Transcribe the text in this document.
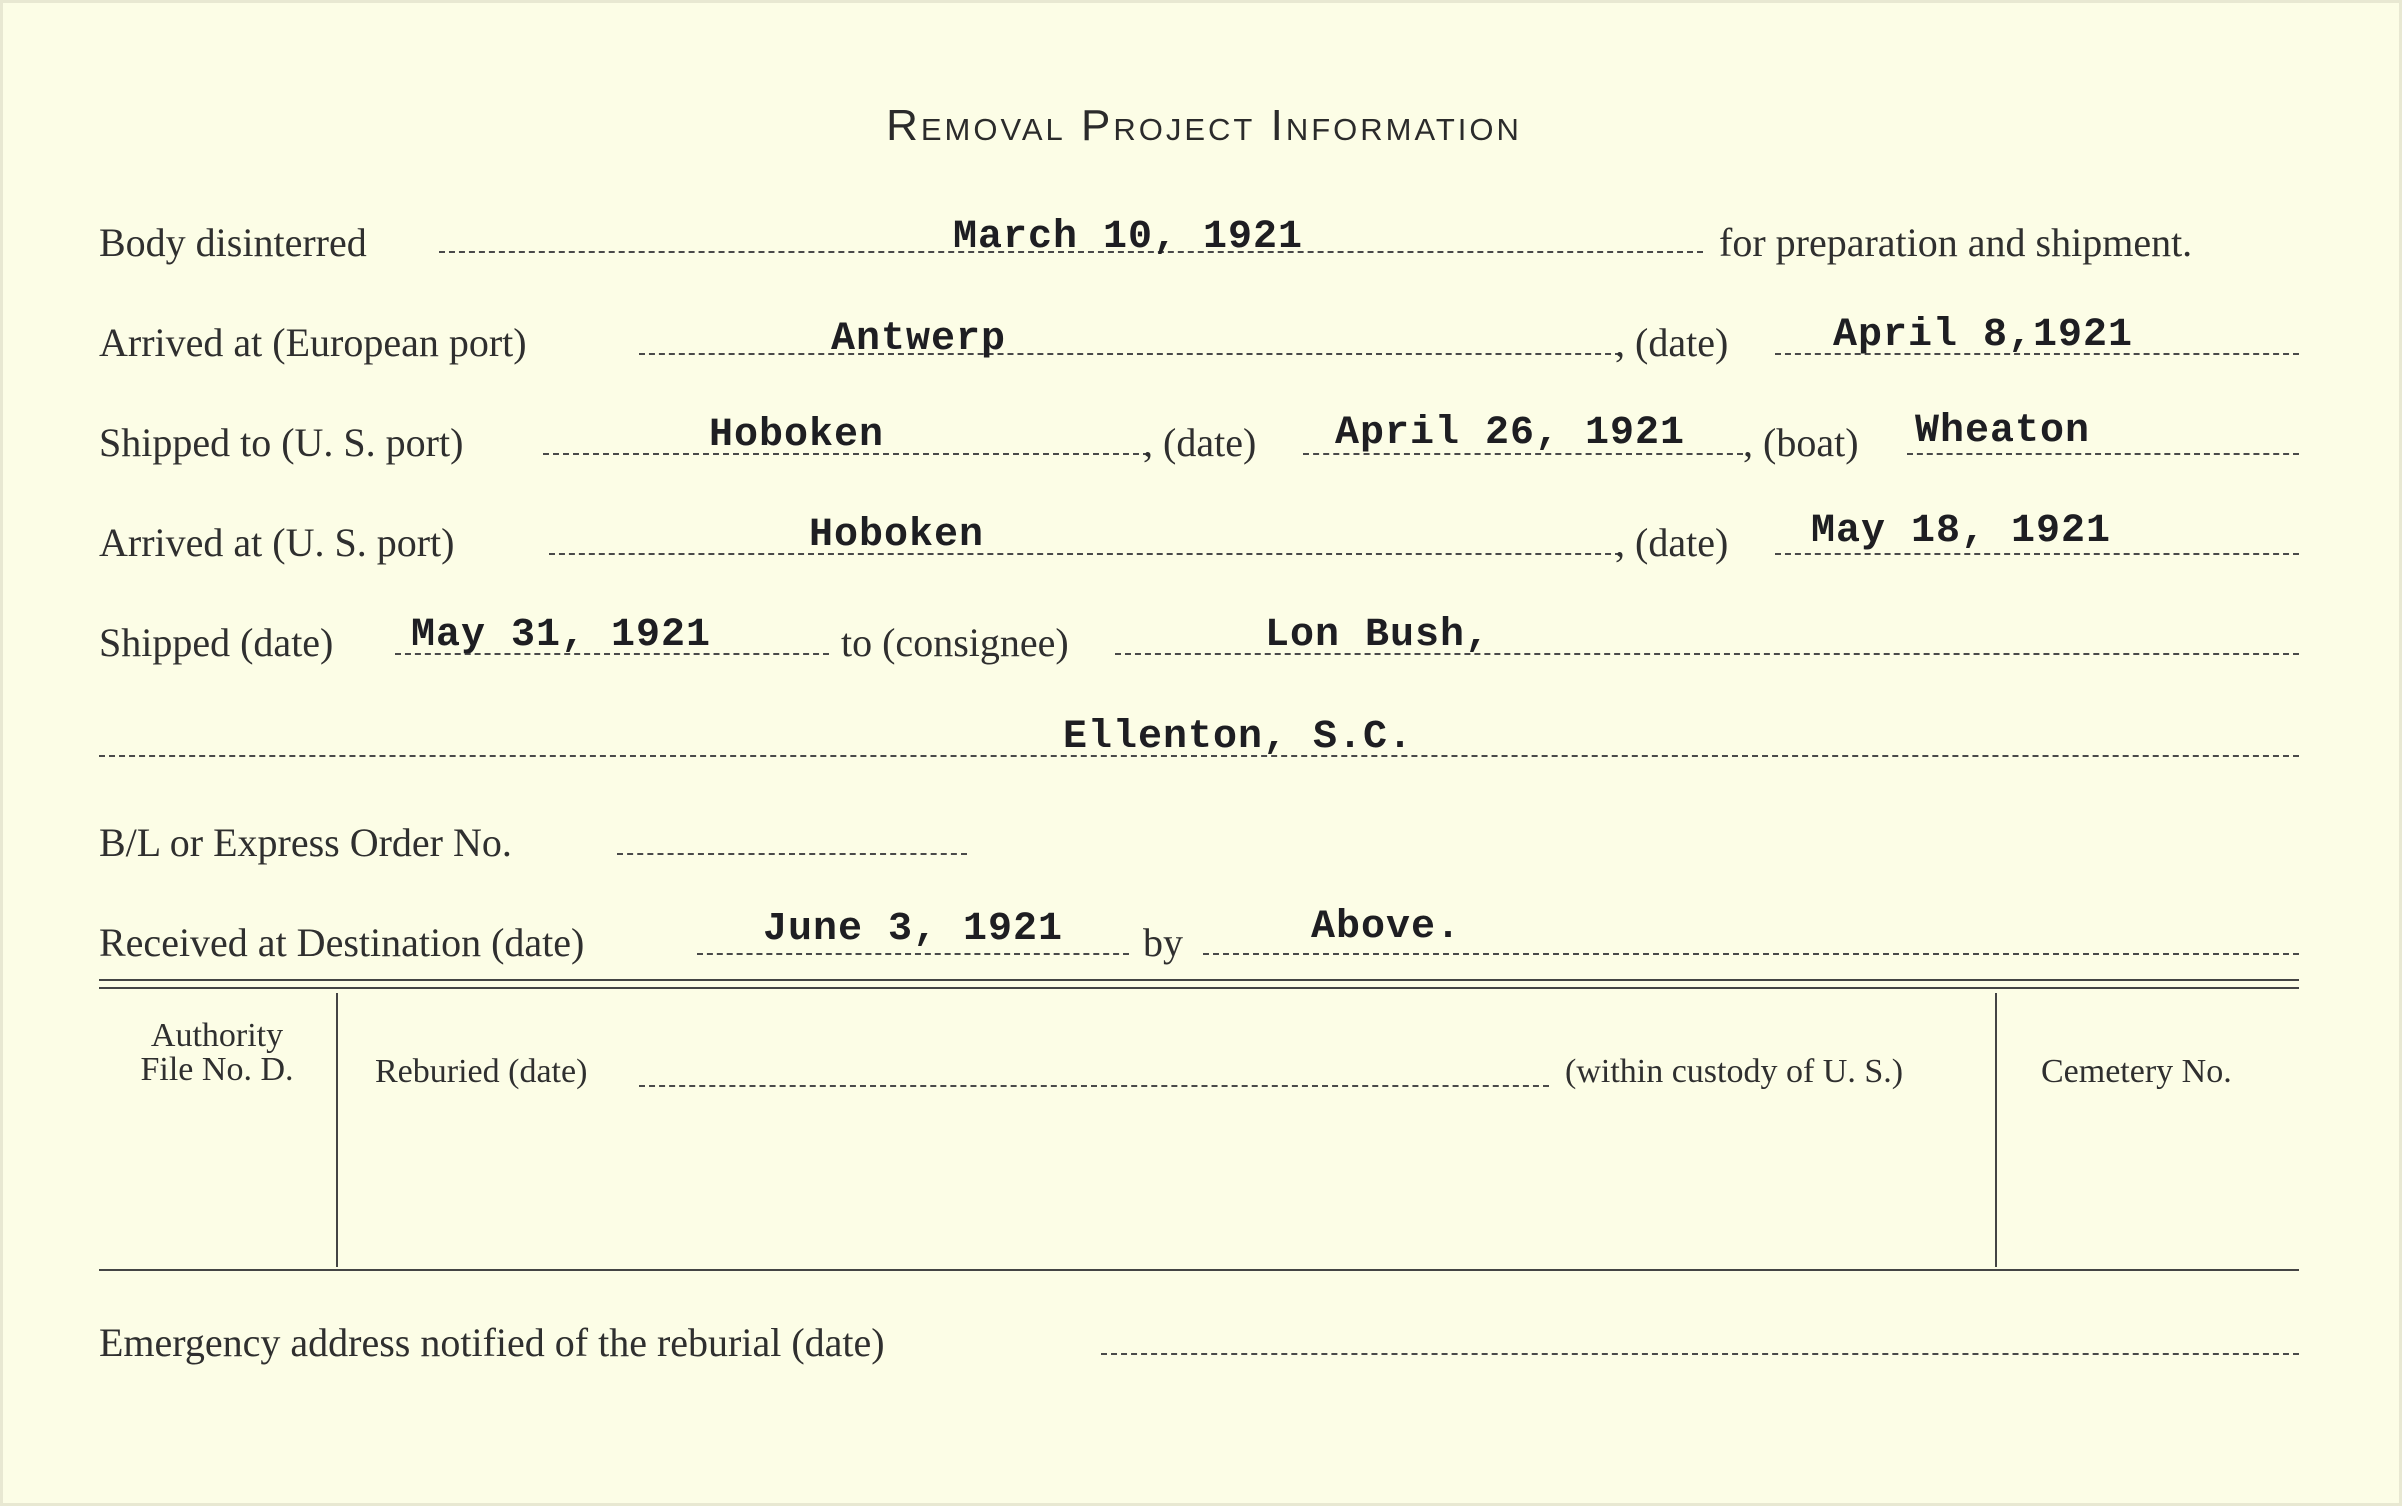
Removal Project Information
Body disinterred	March 10, 1921	for preparation and shipment.
Arrived at (European port)	Antwerp	, (date)	April 8,1921
Shipped to (U. S. port)	Hoboken	, (date) April 26, 1921 , (boat) Wheaton
Arrived at (U. S. port)	Hoboken	, (date) May 18, 1921
Shipped (date) May 31, 1921	to (consignee)	Lon Bush,
Ellenton, S.C.
B/L or Express Order No.
Received at Destination (date)	June 3, 1921 by	Above.
Authority
File No. D.	Reburied (date)	(within custody of U. S.)	Cemetery No.
Emergency address notified of the reburial (date)
